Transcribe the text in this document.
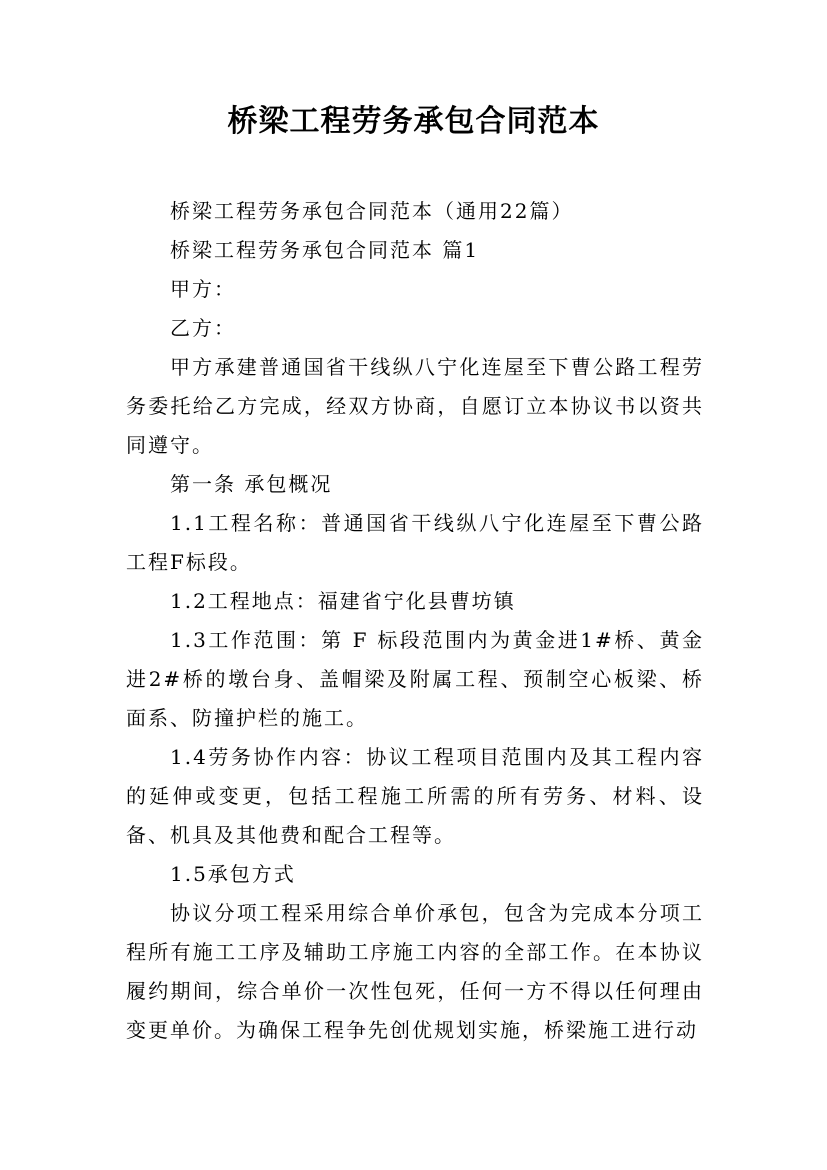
桥梁工程劳务承包合同范本

桥梁工程劳务承包合同范本（通用22篇）

桥梁工程劳务承包合同范本 篇1

甲方：

乙方：

甲方承建普通国省干线纵八宁化连屋至下曹公路工程劳务委托给乙方完成，经双方协商，自愿订立本协议书以资共同遵守。

第一条 承包概况

1.1工程名称：普通国省干线纵八宁化连屋至下曹公路工程F标段。

1.2工程地点：福建省宁化县曹坊镇

1.3工作范围：第 F 标段范围内为黄金进1#桥、黄金进2#桥的墩台身、盖帽梁及附属工程、预制空心板梁、桥面系、防撞护栏的施工。

1.4劳务协作内容：协议工程项目范围内及其工程内容的延伸或变更，包括工程施工所需的所有劳务、材料、设备、机具及其他费和配合工程等。

1.5承包方式

协议分项工程采用综合单价承包，包含为完成本分项工程所有施工工序及辅助工序施工内容的全部工作。在本协议履约期间，综合单价一次性包死，任何一方不得以任何理由变更单价。为确保工程争先创优规划实施，桥梁施工进行动
